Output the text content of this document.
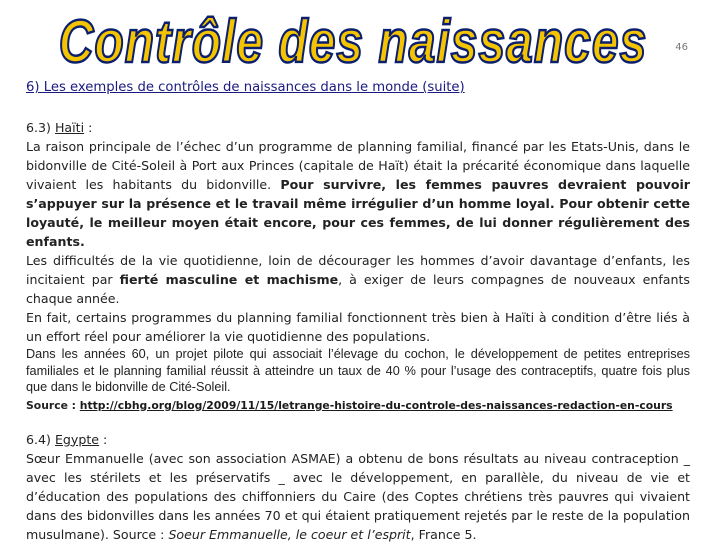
Contrôle des naissances	46
6) Les exemples de contrôles de naissances dans le monde (suite)

6.3) Haïti :

La raison principale de l’échec d’un programme de planning familial, financé par les Etats-Unis, dans le bidonville de Cité-Soleil à Port aux Princes (capitale de Haït) était la précarité économique dans laquelle vivaient les habitants du bidonville. Pour survivre, les femmes pauvres devraient pouvoir s’appuyer sur la présence et le travail même irrégulier d’un homme loyal. Pour obtenir cette loyauté, le meilleur moyen était encore, pour ces femmes, de lui donner régulièrement des enfants.

Les difficultés de la vie quotidienne, loin de décourager les hommes d’avoir davantage d’enfants, les incitaient par fierté masculine et machisme, à exiger de leurs compagnes de nouveaux enfants chaque année.

En fait, certains programmes du planning familial fonctionnent très bien à Haïti à condition d’être liés à un effort réel pour améliorer la vie quotidienne des populations.

Dans les années 60, un projet pilote qui associait l’élevage du cochon, le développement de petites entreprises familiales et le planning familial réussit à atteindre un taux de 40 % pour l’usage des contraceptifs, quatre fois plus que dans le bidonville de Cité-Soleil.

Source : http://cbhg.org/blog/2009/11/15/letrange-histoire-du-controle-des-naissances-redaction-en-cours

6.4) Egypte :

Sœur Emmanuelle (avec son association ASMAE) a obtenu de bons résultats au niveau contraception _ avec les stérilets et les préservatifs _ avec le développement, en parallèle, du niveau de vie et d’éducation des populations des chiffonniers du Caire (des Coptes chrétiens très pauvres qui vivaient dans des bidonvilles dans les années 70 et qui étaient pratiquement rejetés par le reste de la population musulmane). Source : Soeur Emmanuelle, le coeur et l’esprit, France 5.
